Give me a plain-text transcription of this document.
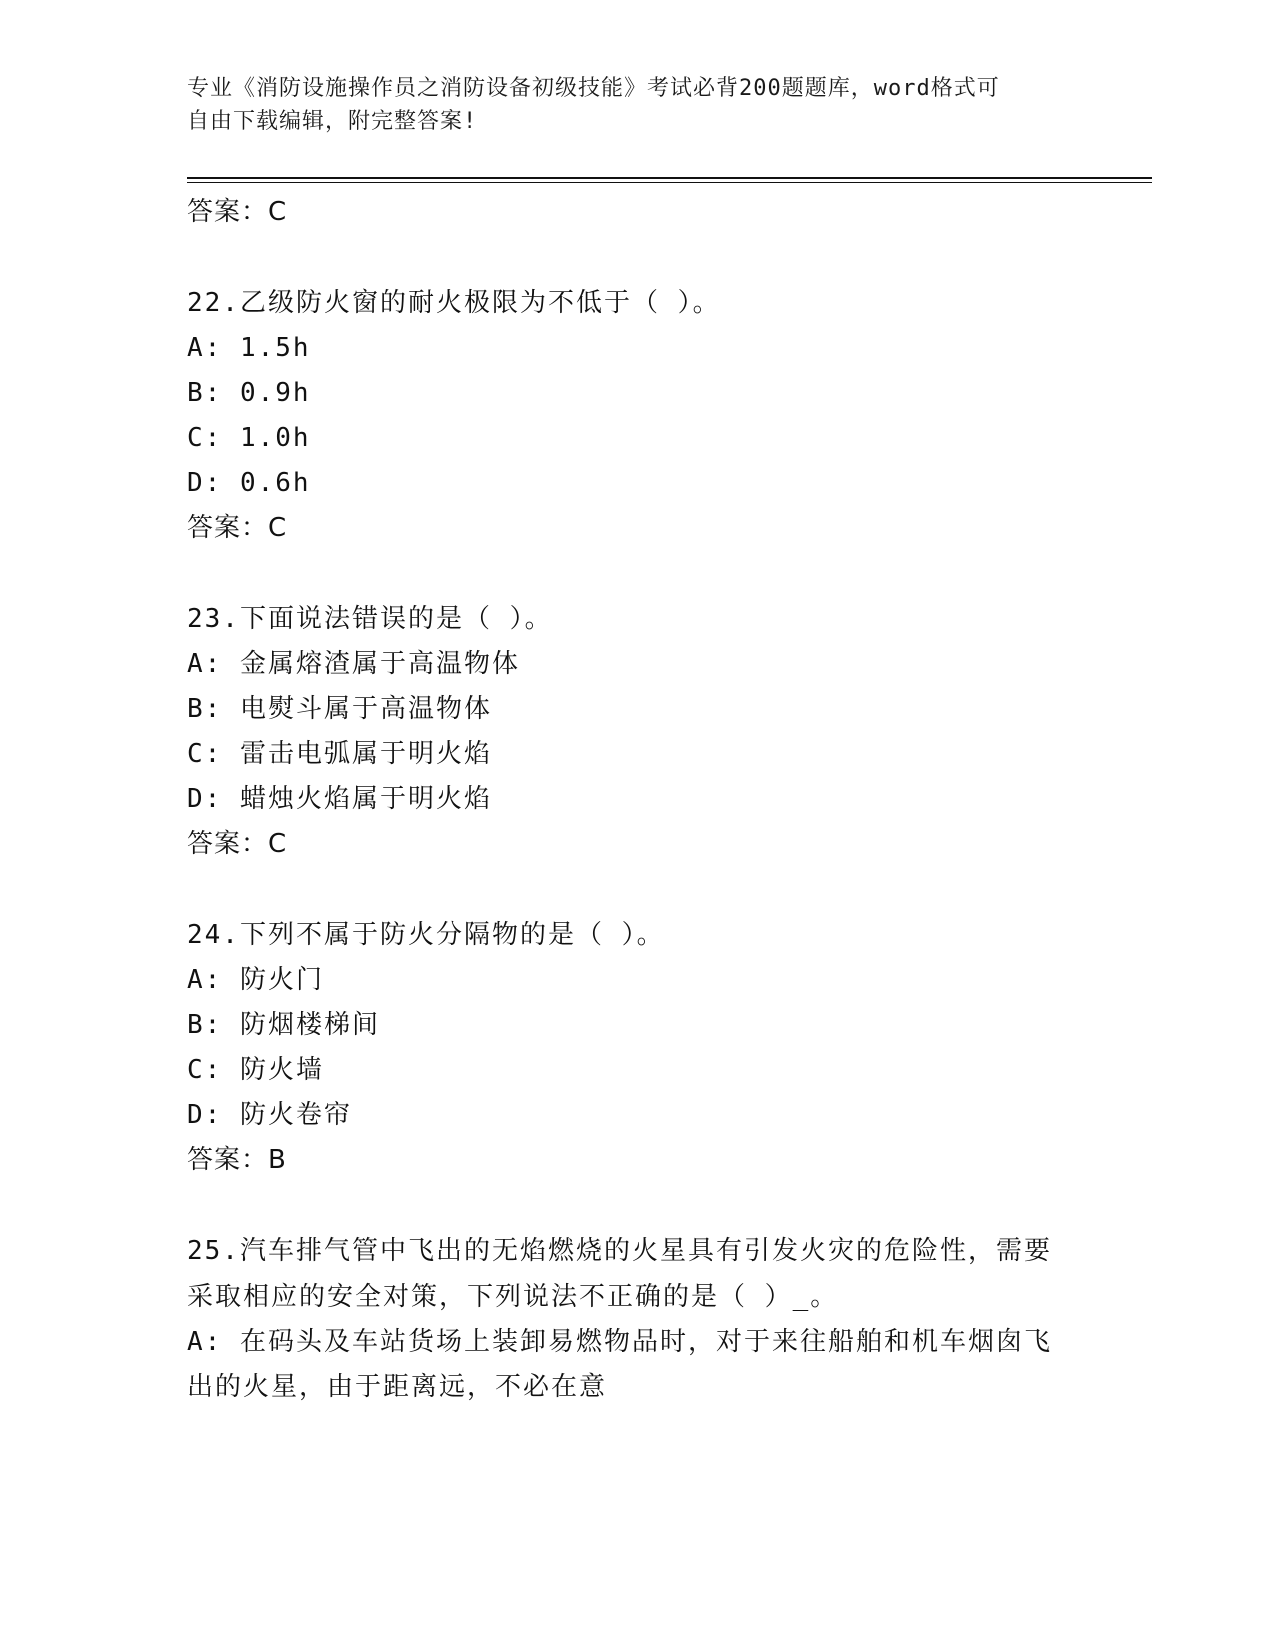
专业《消防设施操作员之消防设备初级技能》考试必背200题题库，word格式可
自由下载编辑，附完整答案!

答案：C

22.乙级防火窗的耐火极限为不低于（ ）。

A: 1.5h

B: 0.9h

C: 1.0h

D: 0.6h

答案：C

23.下面说法错误的是（ ）。

A: 金属熔渣属于高温物体

B: 电熨斗属于高温物体

C: 雷击电弧属于明火焰

D: 蜡烛火焰属于明火焰

答案：C

24.下列不属于防火分隔物的是（ ）。

A: 防火门

B: 防烟楼梯间

C: 防火墙

D: 防火卷帘

答案：B

25.汽车排气管中飞出的无焰燃烧的火星具有引发火灾的危险性，需要

采取相应的安全对策，下列说法不正确的是（ ）_。

A: 在码头及车站货场上装卸易燃物品时，对于来往船舶和机车烟囱飞

出的火星，由于距离远，不必在意
